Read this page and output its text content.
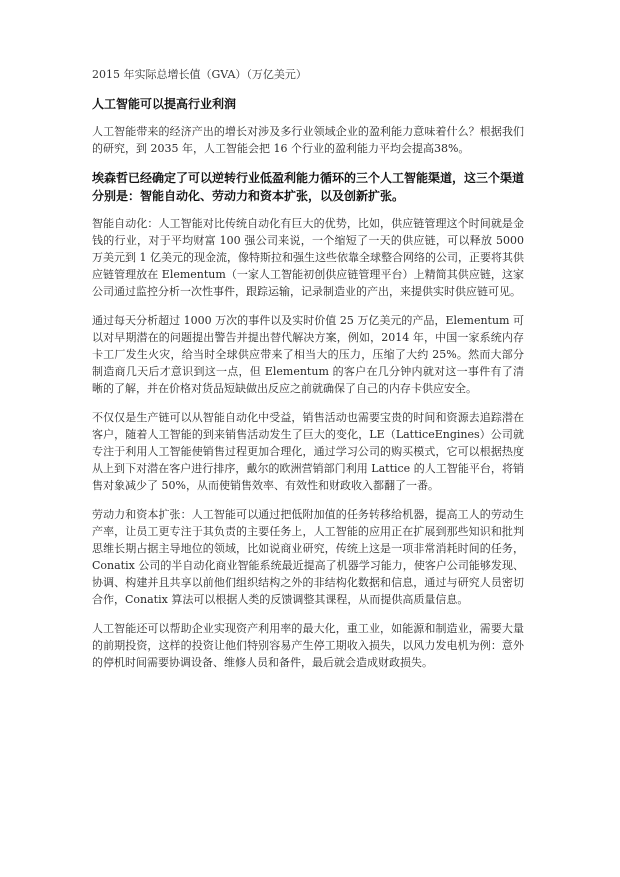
2015 年实际总增长值（GVA）（万亿美元）

人工智能可以提高行业利润

人工智能带来的经济产出的增长对涉及多行业领域企业的盈利能力意味着什么？根据我们的研究，到 2035 年，人工智能会把 16 个行业的盈利能力平均会提高38%。

埃森哲已经确定了可以逆转行业低盈利能力循环的三个人工智能渠道，这三个渠道分别是：智能自动化、劳动力和资本扩张，以及创新扩张。

智能自动化：人工智能对比传统自动化有巨大的优势，比如，供应链管理这个时间就是金钱的行业，对于平均财富 100 强公司来说，一个缩短了一天的供应链，可以释放 5000 万美元到 1 亿美元的现金流，像特斯拉和强生这些依靠全球整合网络的公司，正要将其供应链管理放在 Elementum（一家人工智能初创供应链管理平台）上精简其供应链，这家公司通过监控分析一次性事件，跟踪运输，记录制造业的产出，来提供实时供应链可见。

通过每天分析超过 1000 万次的事件以及实时价值 25 万亿美元的产品，Elementum 可以对早期潜在的问题提出警告并提出替代解决方案，例如，2014 年，中国一家系统内存卡工厂发生火灾，给当时全球供应带来了相当大的压力，压缩了大约 25%。然而大部分制造商几天后才意识到这一点，但 Elementum 的客户在几分钟内就对这一事件有了清晰的了解，并在价格对货品短缺做出反应之前就确保了自己的内存卡供应安全。

不仅仅是生产链可以从智能自动化中受益，销售活动也需要宝贵的时间和资源去追踪潜在客户，随着人工智能的到来销售活动发生了巨大的变化，LE（LatticeEngines）公司就专注于利用人工智能使销售过程更加合理化，通过学习公司的购买模式，它可以根据热度从上到下对潜在客户进行排序，戴尔的欧洲营销部门利用 Lattice 的人工智能平台，将销售对象减少了 50%，从而使销售效率、有效性和财政收入都翻了一番。

劳动力和资本扩张：人工智能可以通过把低附加值的任务转移给机器，提高工人的劳动生产率，让员工更专注于其负责的主要任务上，人工智能的应用正在扩展到那些知识和批判思维长期占据主导地位的领域，比如说商业研究，传统上这是一项非常消耗时间的任务，Conatix 公司的半自动化商业智能系统最近提高了机器学习能力，使客户公司能够发现、协调、构建并且共享以前他们组织结构之外的非结构化数据和信息，通过与研究人员密切合作，Conatix 算法可以根据人类的反馈调整其课程，从而提供高质量信息。

人工智能还可以帮助企业实现资产利用率的最大化，重工业，如能源和制造业，需要大量的前期投资，这样的投资让他们特别容易产生停工期收入损失，以风力发电机为例：意外的停机时间需要协调设备、维修人员和备件，最后就会造成财政损失。
